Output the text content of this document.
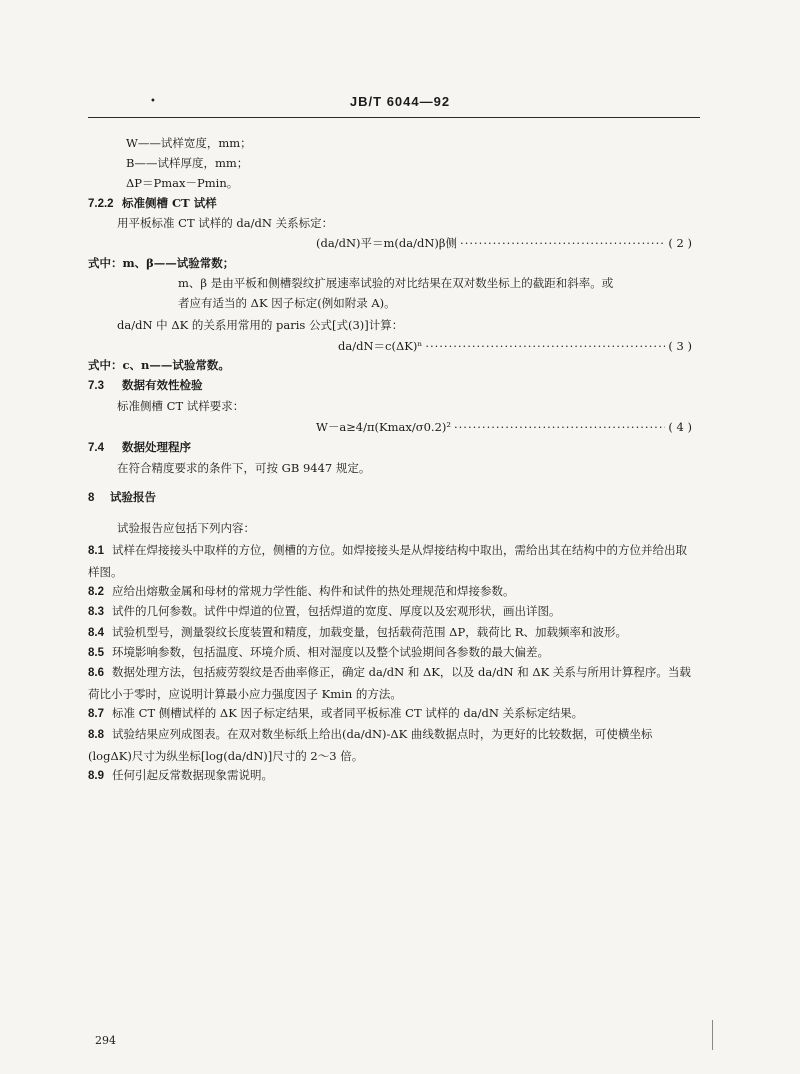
•	JB/T 6044—92
W——试样宽度，mm；
B——试样厚度，mm；
ΔP＝Pmax－Pmin。
7.2.2 标准侧槽 CT 试样
用平板标准 CT 试样的 da/dN 关系标定：
(da/dN)平＝m(da/dN)β侧 ·····	( 2 )
式中：m、β——试验常数；
m、β 是由平板和侧槽裂纹扩展速率试验的对比结果在双对数坐标上的截距和斜率。或
者应有适当的 ΔK 因子标定(例如附录 A)。
da/dN 中 ΔK 的关系用常用的 paris 公式[式(3)]计算：
da/dN＝c(ΔK)ⁿ ·····	( 3 )
式中：c、n——试验常数。
7.3 数据有效性检验
标准侧槽 CT 试样要求：
W－a≥4/π(Kmax/σ0.2)² ·····	( 4 )
7.4 数据处理程序
在符合精度要求的条件下，可按 GB 9447 规定。
8 试验报告
试验报告应包括下列内容：
8.1 试样在焊接接头中取样的方位，侧槽的方位。如焊接接头是从焊接结构中取出，需给出其在结构中的方位并给出取样图。
8.2 应给出熔敷金属和母材的常规力学性能、构件和试件的热处理规范和焊接参数。
8.3 试件的几何参数。试件中焊道的位置，包括焊道的宽度、厚度以及宏观形状，画出详图。
8.4 试验机型号，测量裂纹长度装置和精度，加载变量，包括载荷范围 ΔP，载荷比 R、加载频率和波形。
8.5 环境影响参数，包括温度、环境介质、相对湿度以及整个试验期间各参数的最大偏差。
8.6 数据处理方法，包括疲劳裂纹是否曲率修正，确定 da/dN 和 ΔK，以及 da/dN 和 ΔK 关系与所用计算程序。当载荷比小于零时，应说明计算最小应力强度因子 Kmin 的方法。
8.7 标准 CT 侧槽试样的 ΔK 因子标定结果，或者同平板标准 CT 试样的 da/dN 关系标定结果。
8.8 试验结果应列成图表。在双对数坐标纸上给出(da/dN)-ΔK 曲线数据点时，为更好的比较数据，可使横坐标(logΔK)尺寸为纵坐标[log(da/dN)]尺寸的 2～3 倍。
8.9 任何引起反常数据现象需说明。
294
